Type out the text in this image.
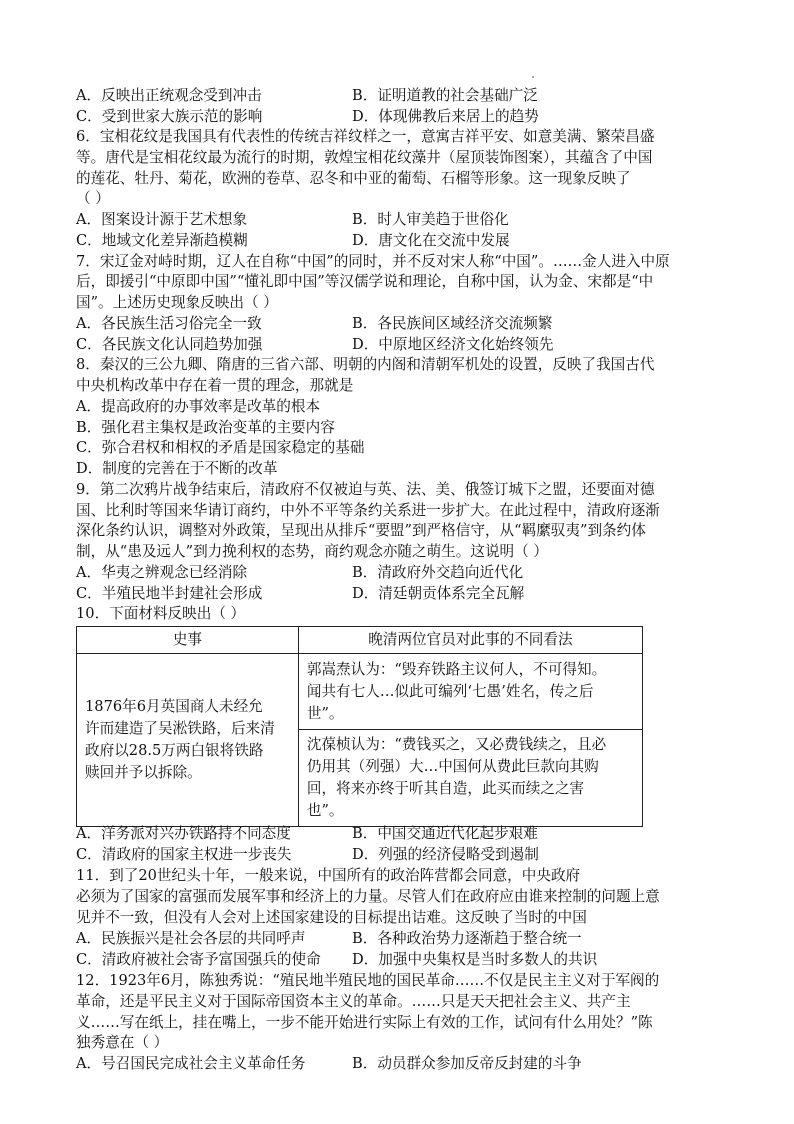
A．反映出正统观念受到冲击	B．证明道教的社会基础广泛
C．受到世家大族示范的影响	D．体现佛教后来居上的趋势
6．宝相花纹是我国具有代表性的传统吉祥纹样之一，意寓吉祥平安、如意美满、繁荣昌盛
等。唐代是宝相花纹最为流行的时期，敦煌宝相花纹藻井（屋顶装饰图案），其蕴含了中国
的莲花、牡丹、菊花，欧洲的卷草、忍冬和中亚的葡萄、石榴等形象。这一现象反映了
（ ）
A．图案设计源于艺术想象	B．时人审美趋于世俗化
C．地域文化差异渐趋模糊	D．唐文化在交流中发展
7．宋辽金对峙时期，辽人在自称“中国”的同时，并不反对宋人称“中国”。……金人进入中原
后，即援引“中原即中国”“懂礼即中国”等汉儒学说和理论，自称中国，认为金、宋都是“中
国”。上述历史现象反映出（ ）
A．各民族生活习俗完全一致	B．各民族间区域经济交流频繁
C．各民族文化认同趋势加强	D．中原地区经济文化始终领先
8．秦汉的三公九卿、隋唐的三省六部、明朝的内阁和清朝军机处的设置，反映了我国古代
中央机构改革中存在着一贯的理念，那就是
A．提高政府的办事效率是改革的根本
B．强化君主集权是政治变革的主要内容
C．弥合君权和相权的矛盾是国家稳定的基础
D．制度的完善在于不断的改革
9．第二次鸦片战争结束后，清政府不仅被迫与英、法、美、俄签订城下之盟，还要面对德
国、比利时等国来华请订商约，中外不平等条约关系进一步扩大。在此过程中，清政府逐渐
深化条约认识，调整对外政策，呈现出从排斥“要盟”到严格信守，从“羁縻驭夷”到条约体
制，从“患及远人”到力挽利权的态势，商约观念亦随之萌生。这说明（ ）
A．华夷之辨观念已经消除	B．清政府外交趋向近代化
C．半殖民地半封建社会形成	D．清廷朝贡体系完全瓦解
10．下面材料反映出（ ）
史事	晚清两位官员对此事的不同看法

1876年6月英国商人未经允
许而建造了吴淞铁路，后来清
政府以28.5万两白银将铁路
赎回并予以拆除。	郭嵩焘认为：“毁弃铁路主议何人，不可得知。
闻共有七人…似此可编列‘七愚’姓名，传之后
世”。

	沈葆桢认为：“费钱买之，又必费钱续之，且必
仍用其（列强）大…中国何从费此巨款向其购
回，将来亦终于听其自造，此买而续之之害
也”。
A．洋务派对兴办铁路持不同态度	B．中国交通近代化起步艰难
C．清政府的国家主权进一步丧失	D．列强的经济侵略受到遏制
11．到了20世纪头十年，一般来说，中国所有的政治阵营都会同意，中央政府
必须为了国家的富强而发展军事和经济上的力量。尽管人们在政府应由谁来控制的问题上意
见并不一致，但没有人会对上述国家建设的目标提出诘难。这反映了当时的中国
A．民族振兴是社会各层的共同呼声	B．各种政治势力逐渐趋于整合统一
C．清政府被社会寄予富国强兵的使命 D．加强中央集权是当时多数人的共识
12．1923年6月，陈独秀说：“殖民地半殖民地的国民革命……不仅是民主主义对于军阀的
革命，还是平民主义对于国际帝国资本主义的革命。……只是天天把社会主义、共产主
义……写在纸上，挂在嘴上，一步不能开始进行实际上有效的工作，试问有什么用处？”陈
独秀意在（ ）
A．号召国民完成社会主义革命任务	B．动员群众参加反帝反封建的斗争
